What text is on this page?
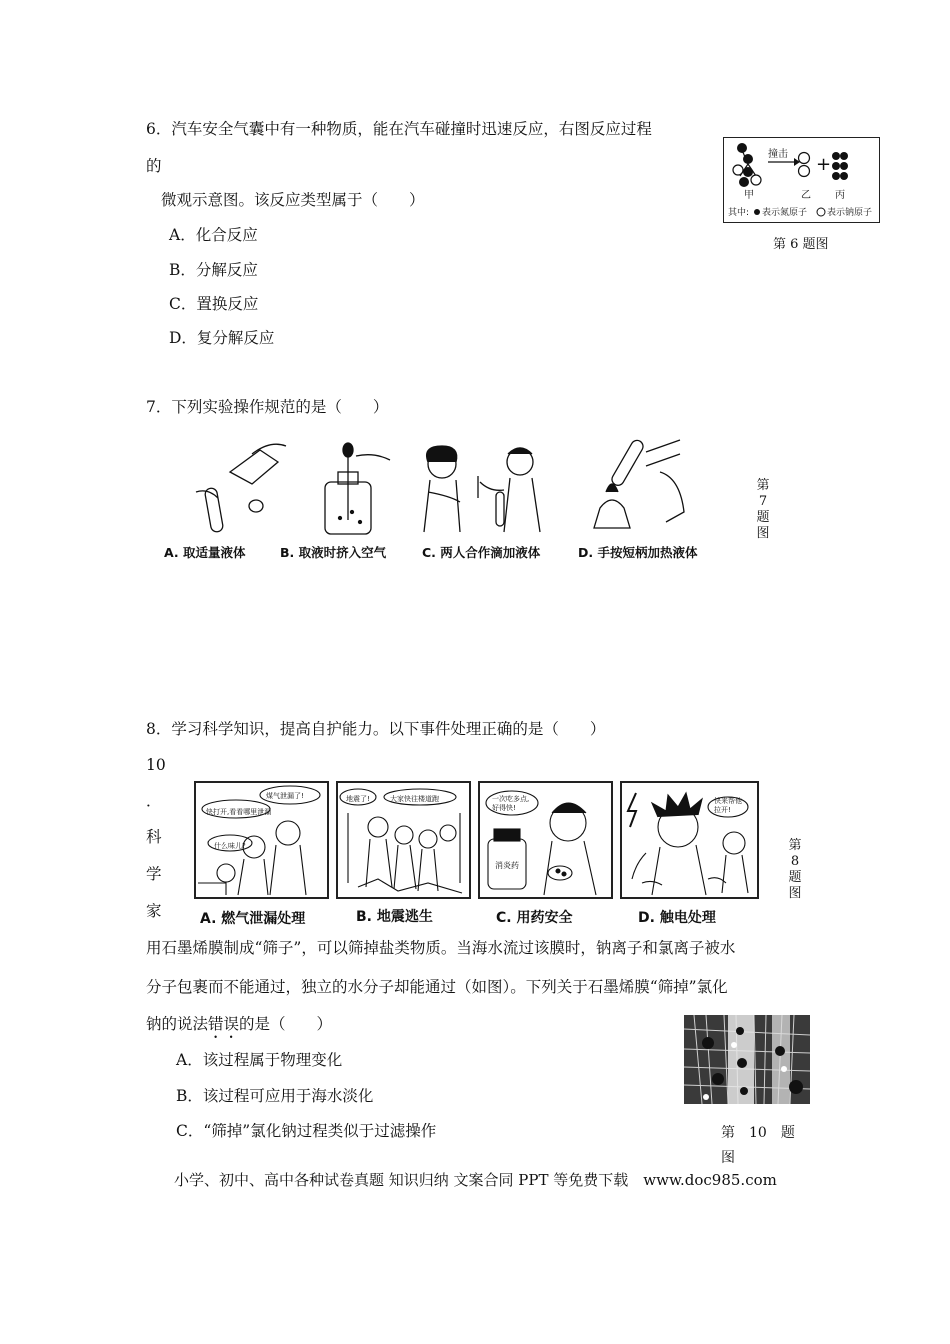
6．汽车安全气囊中有一种物质，能在汽车碰撞时迅速反应，右图反应过程
的
微观示意图。该反应类型属于（　　）
A．化合反应
B．分解反应
C．置换反应
D．复分解反应
撞击 +
甲	乙 丙
其中: 表示氮原子 表示钠原子
第 6 题图
7．下列实验操作规范的是（　　）
A. 取适量液体	B. 取液时挤入空气	C. 两人合作滴加液体	D. 手按短柄加热液体
第
7
题
图
8．学习科学知识，提高自护能力。以下事件处理正确的是（　　）
煤气泄漏了!
快打开,看看哪里泄漏
什么味儿?
地震了!	大家快往楼道跑	一次吃多点,好得快!
消炎药
快来帮他拉开!
A. 燃气泄漏处理	B. 地震逃生	C. 用药安全	D. 触电处理
第
8
题
图
10
．
科
学
家
用石墨烯膜制成“筛子”，可以筛掉盐类物质。当海水流过该膜时，钠离子和氯离子被水
分子包裹而不能通过，独立的水分子却能通过（如图）。下列关于石墨烯膜“筛掉”氯化
钠的说法错误的是（　　）
A．该过程属于物理变化
B．该过程可应用于海水淡化
C．“筛掉”氯化钠过程类似于过滤操作	第　10　题
图
小学、初中、高中各种试卷真题 知识归纳 文案合同 PPT 等免费下载　www.doc985.com
